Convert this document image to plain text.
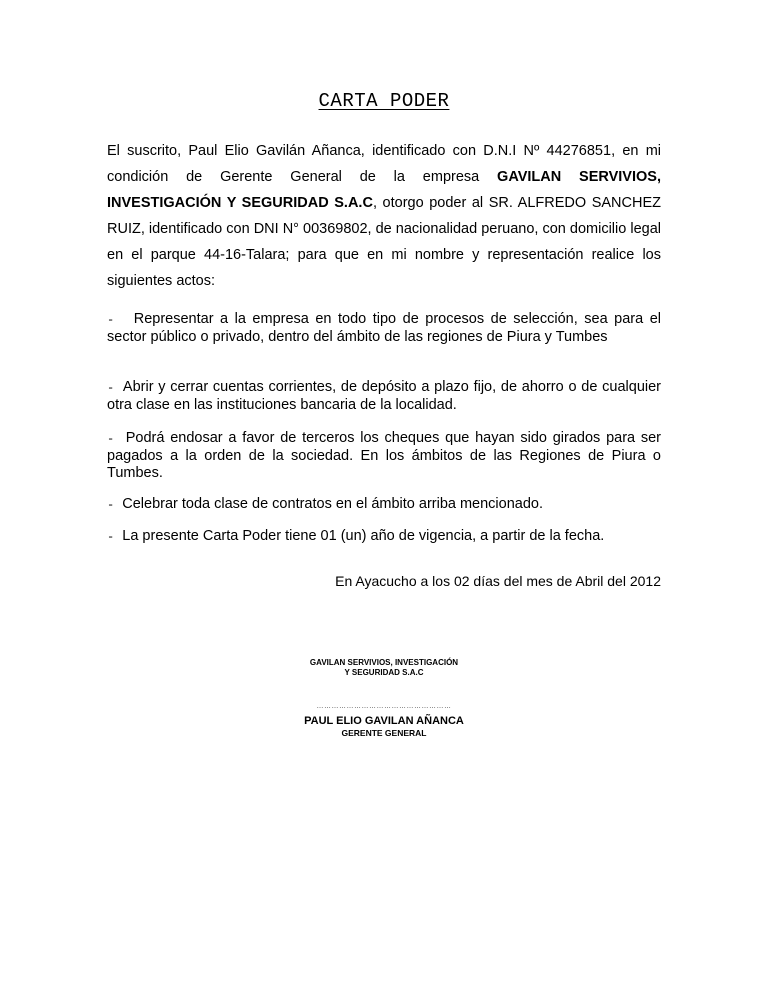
CARTA PODER
El suscrito, Paul Elio Gavilán Añanca, identificado con D.N.I Nº 44276851, en mi condición de Gerente General de la empresa GAVILAN SERVIVIOS, INVESTIGACIÓN Y SEGURIDAD S.A.C, otorgo poder al SR. ALFREDO SANCHEZ RUIZ, identificado con DNI N° 00369802, de nacionalidad peruano, con domicilio legal en el parque 44-16-Talara; para que en mi nombre y representación realice los siguientes actos:
- Representar a la empresa en todo tipo de procesos de selección, sea para el sector público o privado, dentro del ámbito de las regiones de Piura y Tumbes
- Abrir y cerrar cuentas corrientes, de depósito a plazo fijo, de ahorro o de cualquier otra clase en las instituciones bancaria de la localidad.
- Podrá endosar a favor de terceros los cheques que hayan sido girados para ser pagados a la orden de la sociedad. En los ámbitos de las Regiones de Piura o Tumbes.
- Celebrar toda clase de contratos en el ámbito arriba mencionado.
- La presente Carta Poder tiene 01 (un) año de vigencia, a partir de la fecha.
En Ayacucho a los 02 días del mes de Abril del 2012
GAVILAN SERVIVIOS, INVESTIGACIÓN
Y SEGURIDAD S.A.C
………………………………………………
PAUL ELIO GAVILAN AÑANCA
GERENTE GENERAL
